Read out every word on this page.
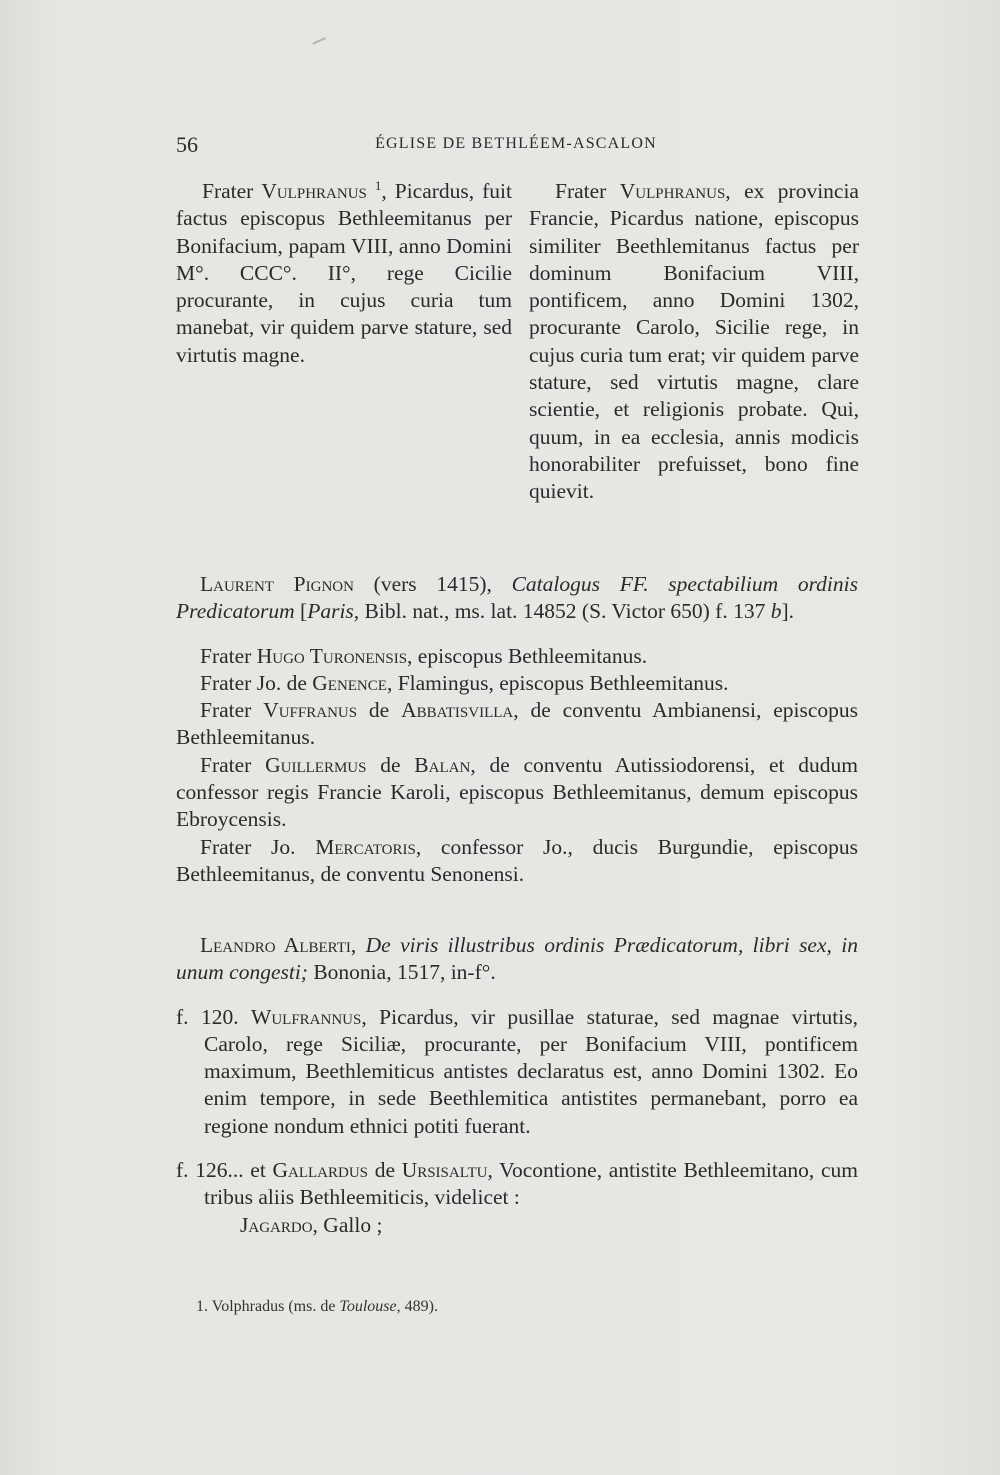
56	ÉGLISE DE BETHLÉEM-ASCALON
Frater Vulphranus $^1$, Picardus, fuit factus episcopus Bethleemitanus per Bonifacium, papam VIII, anno Domini M°. CCC°. II°, rege Cicilie procurante, in cujus curia tum manebat, vir quidem parve stature, sed virtutis magne.
Frater Vulphranus, ex provincia Francie, Picardus natione, episcopus similiter Beethlemitanus factus per dominum Bonifacium VIII, pontificem, anno Domini 1302, procurante Carolo, Sicilie rege, in cujus curia tum erat; vir quidem parve stature, sed virtutis magne, clare scientie, et religionis probate. Qui, quum, in ea ecclesia, annis modicis honorabiliter prefuisset, bono fine quievit.

Laurent Pignon (vers 1415), Catalogus FF. spectabilium ordinis Predicatorum [Paris, Bibl. nat., ms. lat. 14852 (S. Victor 650) f. 137 b].

Frater Hugo Turonensis, episcopus Bethleemitanus.

Frater Jo. de Genence, Flamingus, episcopus Bethleemitanus.

Frater Vuffranus de Abbatisvilla, de conventu Ambianensi, episcopus Bethleemitanus.

Frater Guillermus de Balan, de conventu Autissiodorensi, et dudum confessor regis Francie Karoli, episcopus Bethleemitanus, demum episcopus Ebroycensis.

Frater Jo. Mercatoris, confessor Jo., ducis Burgundie, episcopus Bethleemitanus, de conventu Senonensi.

Leandro Alberti, De viris illustribus ordinis Prædicatorum, libri sex, in unum congesti; Bononia, 1517, in-f°.

f. 120. Wulfrannus, Picardus, vir pusillae staturae, sed magnae virtutis, Carolo, rege Siciliæ, procurante, per Bonifacium VIII, pontificem maximum, Beethlemiticus antistes declaratus est, anno Domini 1302. Eo enim tempore, in sede Beethlemitica antistites permanebant, porro ea regione nondum ethnici potiti fuerant.

f. 126... et Gallardus de Ursisaltu, Vocontione, antistite Bethleemitano, cum tribus aliis Bethleemiticis, videlicet :

Jagardo, Gallo ;

1. Volphradus (ms. de Toulouse, 489).
